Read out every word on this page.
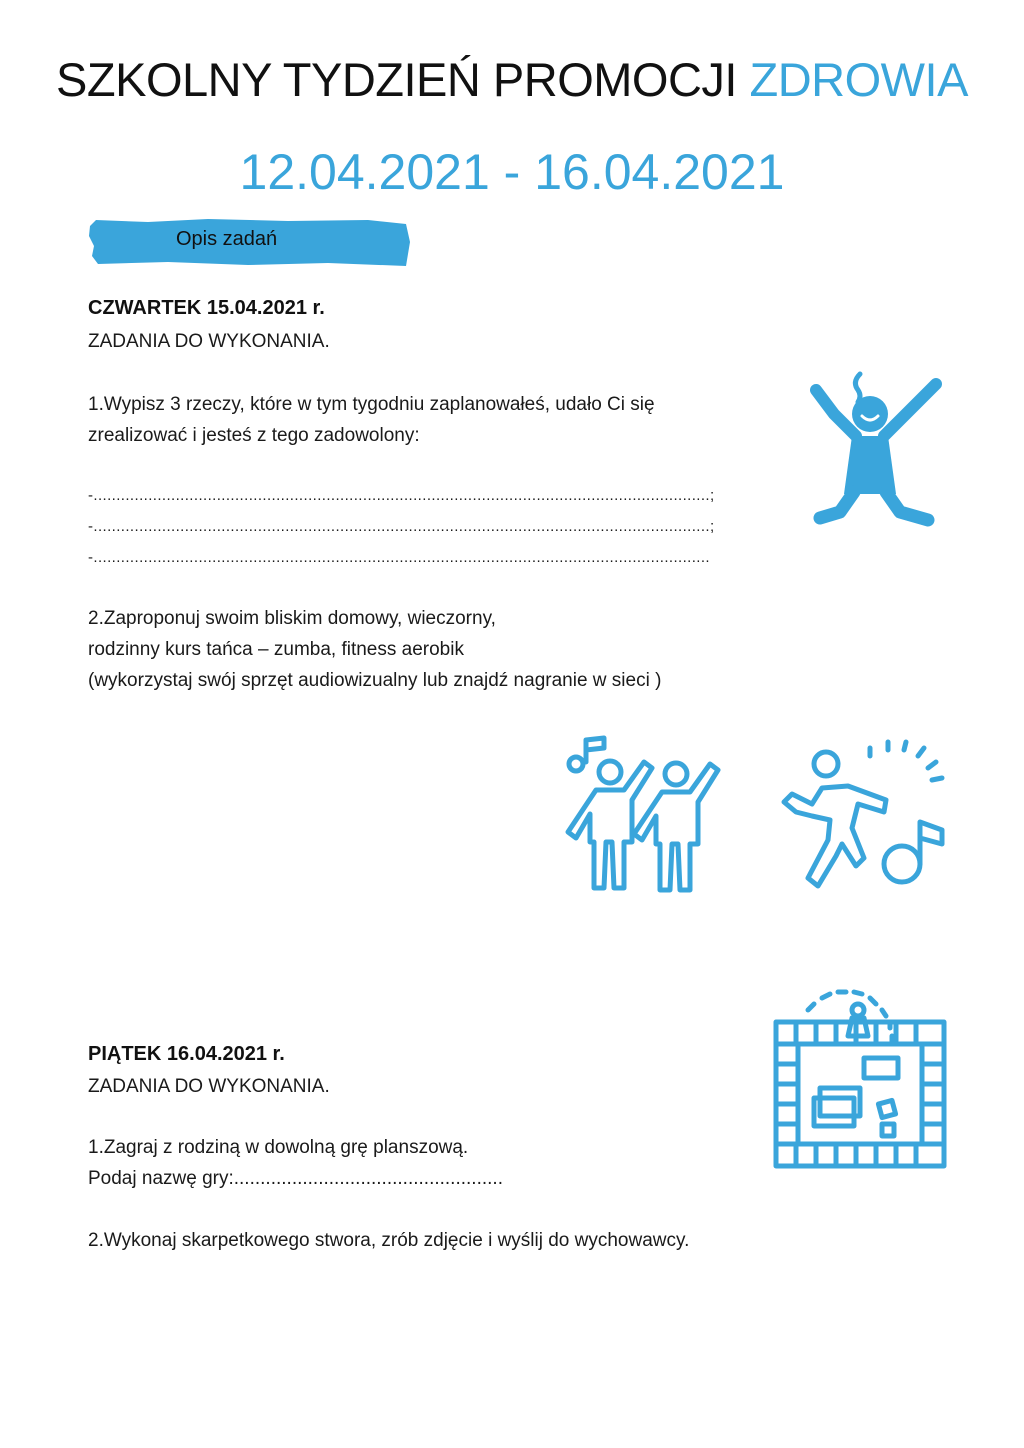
SZKOLNY TYDZIEŃ PROMOCJI ZDROWIA
12.04.2021 - 16.04.2021
Opis zadań
CZWARTEK 15.04.2021 r.
ZADANIA DO WYKONANIA.
1.Wypisz 3 rzeczy, które w tym tygodniu zaplanowałeś, udało Ci się
zrealizować i jesteś z tego zadowolony:
-.......................................................................................................................................;
-.......................................................................................................................................;
-.......................................................................................................................................
2.Zaproponuj swoim bliskim domowy, wieczorny,
rodzinny kurs tańca – zumba, fitness aerobik
(wykorzystaj swój sprzęt audiowizualny lub znajdź nagranie w sieci )
PIĄTEK 16.04.2021 r.
ZADANIA DO WYKONANIA.
1.Zagraj z rodziną w dowolną grę planszową.
Podaj nazwę gry:...................................................
2.Wykonaj skarpetkowego stwora, zrób zdjęcie i wyślij do wychowawcy.
